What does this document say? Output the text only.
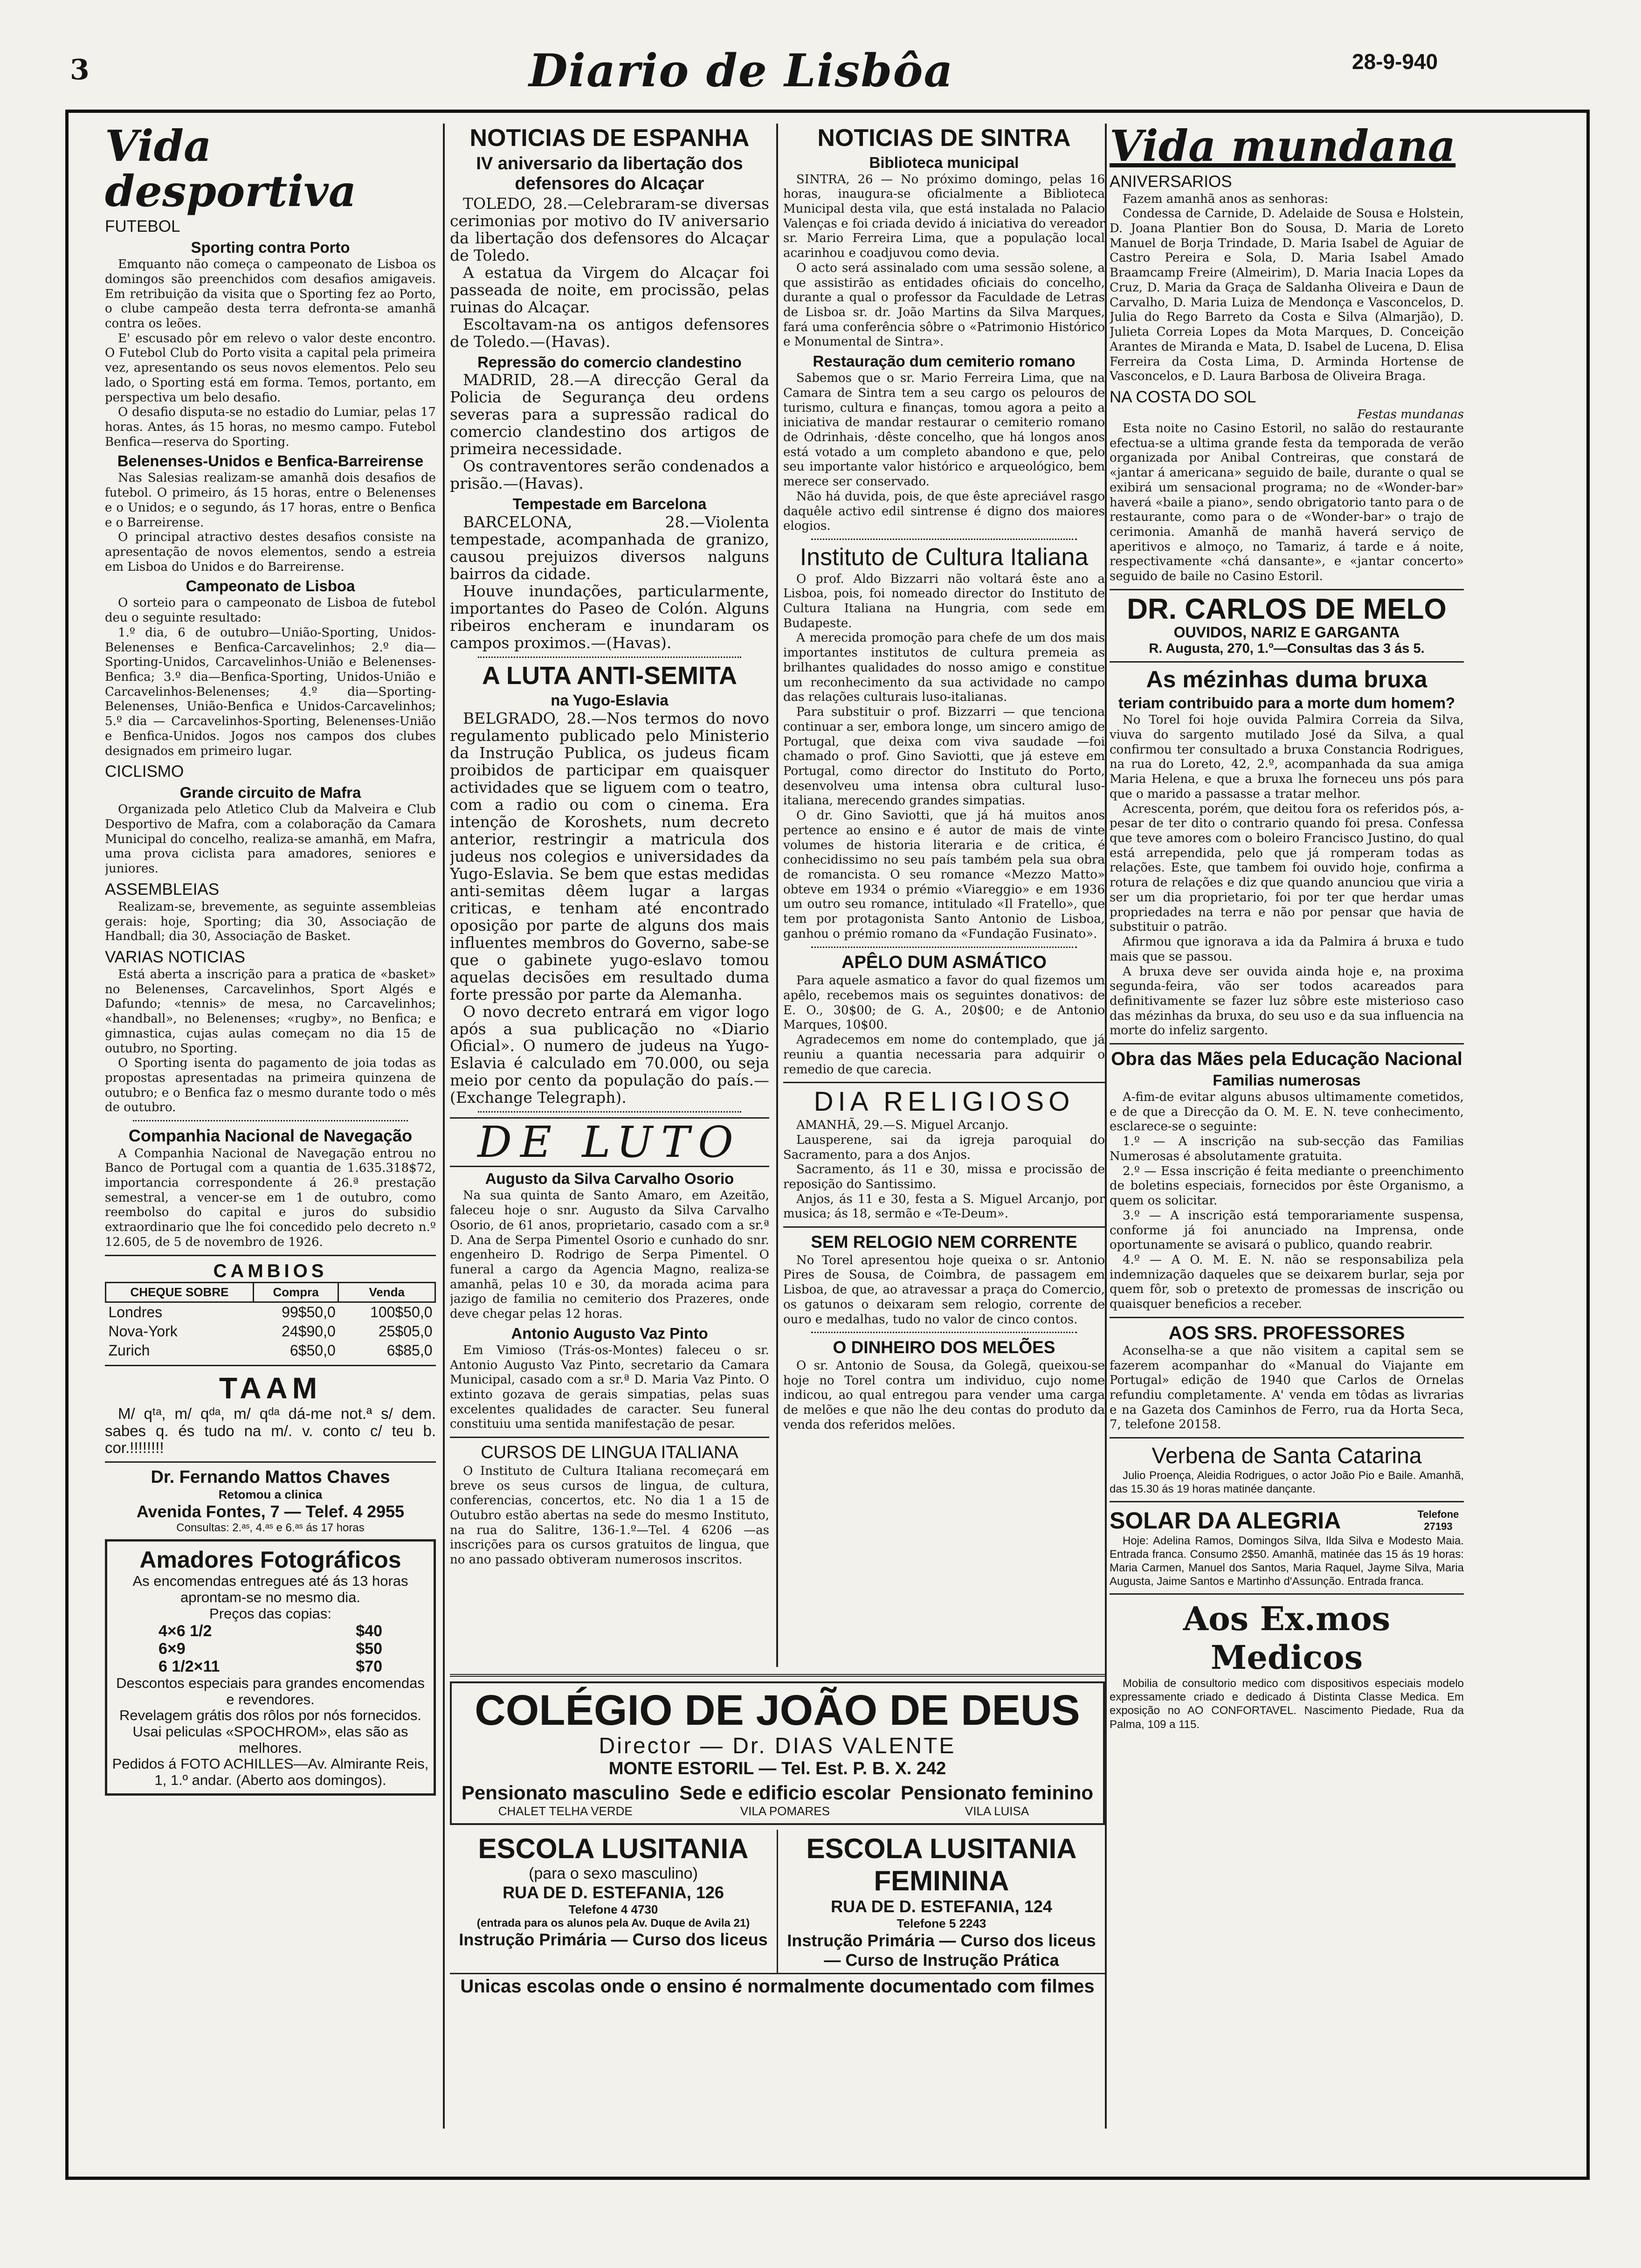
3	Diario de Lisbôa	28-9-940
Vida desportiva
FUTEBOL
Sporting contra Porto

Emquanto não começa o campeonato de Lisboa os domingos são preenchidos com desafios amigaveis. Em retribuição da visita que o Sporting fez ao Porto, o clube campeão desta terra defronta-se amanhã contra os leões.

E' escusado pôr em relevo o valor deste encontro. O Futebol Club do Porto visita a capital pela primeira vez, apresentando os seus novos elementos. Pelo seu lado, o Sporting está em forma. Temos, portanto, em perspectiva um belo desafio.

O desafio disputa-se no estadio do Lumiar, pelas 17 horas. Antes, ás 15 horas, no mesmo campo. Futebol Benfica—reserva do Sporting.

Belenenses-Unidos e Benfica-Barreirense

Nas Salesias realizam-se amanhã dois desafios de futebol. O primeiro, ás 15 horas, entre o Belenenses e o Unidos; e o segundo, ás 17 horas, entre o Benfica e o Barreirense.

O principal atractivo destes desafios consiste na apresentação de novos elementos, sendo a estreia em Lisboa do Unidos e do Barreirense.

Campeonato de Lisboa

O sorteio para o campeonato de Lisboa de futebol deu o seguinte resultado:

1.º dia, 6 de outubro—União-Sporting, Unidos-Belenenses e Benfica-Carcavelinhos; 2.º dia—Sporting-Unidos, Carcavelinhos-União e Belenenses-Benfica; 3.º dia—Benfica-Sporting, Unidos-União e Carcavelinhos-Belenenses; 4.º dia—Sporting-Belenenses, União-Benfica e Unidos-Carcavelinhos; 5.º dia — Carcavelinhos-Sporting, Belenenses-União e Benfica-Unidos. Jogos nos campos dos clubes designados em primeiro lugar.

CICLISMO
Grande circuito de Mafra

Organizada pelo Atletico Club da Malveira e Club Desportivo de Mafra, com a colaboração da Camara Municipal do concelho, realiza-se amanhã, em Mafra, uma prova ciclista para amadores, seniores e juniores.

ASSEMBLEIAS

Realizam-se, brevemente, as seguinte assembleias gerais: hoje, Sporting; dia 30, Associação de Handball; dia 30, Associação de Basket.

VARIAS NOTICIAS

Está aberta a inscrição para a pratica de «basket» no Belenenses, Carcavelinhos, Sport Algés e Dafundo; «tennis» de mesa, no Carcavelinhos; «handball», no Belenenses; «rugby», no Benfica; e gimnastica, cujas aulas começam no dia 15 de outubro, no Sporting.

O Sporting isenta do pagamento de joia todas as propostas apresentadas na primeira quinzena de outubro; e o Benfica faz o mesmo durante todo o mês de outubro.

Companhia Nacional de Navegação

A Companhia Nacional de Navegação entrou no Banco de Portugal com a quantia de 1.635.318$72, importancia correspondente á 26.ª prestação semestral, a vencer-se em 1 de outubro, como reembolso do capital e juros do subsidio extraordinario que lhe foi concedido pelo decreto n.º 12.605, de 5 de novembro de 1926.

CAMBIOS
CHEQUE SOBRE	Compra	Venda
Londres	99$50,0	100$50,0
Nova-York	24$90,0	25$05,0
Zurich	6$50,0	6$85,0
TAAM

M/ qᵗᵃ, m/ qᵈᵃ, m/ qᵈᵃ dá-me not.ª s/ dem. sabes q. és tudo na m/. v. conto c/ teu b. cor.!!!!!!!!

Dr. Fernando Mattos Chaves
Retomou a clinica
Avenida Fontes, 7 — Telef. 4 2955
Consultas: 2.ᵃˢ, 4.ᵃˢ e 6.ᵃˢ ás 17 horas
Amadores Fotográficos
As encomendas entregues até ás 13 horas aprontam-se no mesmo dia.
Preços das copias:
4×6 1/2	$40
6×9	$50
6 1/2×11	$70
Descontos especiais para grandes encomendas e revendores.
Revelagem grátis dos rôlos por nós fornecidos.
Usai peliculas «SPOCHROM», elas são as melhores.
Pedidos á FOTO ACHILLES—Av. Almirante Reis, 1, 1.º andar. (Aberto aos domingos).
NOTICIAS DE ESPANHA
IV aniversario da libertação dos defensores do Alcaçar

TOLEDO, 28.—Celebraram-se diversas cerimonias por motivo do IV aniversario da libertação dos defensores do Alcaçar de Toledo.

A estatua da Virgem do Alcaçar foi passeada de noite, em procissão, pelas ruinas do Alcaçar.

Escoltavam-na os antigos defensores de Toledo.—(Havas).

Repressão do comercio clandestino

MADRID, 28.—A direcção Geral da Policia de Segurança deu ordens severas para a supressão radical do comercio clandestino dos artigos de primeira necessidade.

Os contraventores serão condenados a prisão.—(Havas).

Tempestade em Barcelona

BARCELONA, 28.—Violenta tempestade, acompanhada de granizo, causou prejuizos diversos nalguns bairros da cidade.

Houve inundações, particularmente, importantes do Paseo de Colón. Alguns ribeiros encheram e inundaram os campos proximos.—(Havas).

A LUTA ANTI-SEMITA
na Yugo-Eslavia

BELGRADO, 28.—Nos termos do novo regulamento publicado pelo Ministerio da Instrução Publica, os judeus ficam proibidos de participar em quaisquer actividades que se liguem com o teatro, com a radio ou com o cinema. Era intenção de Koroshets, num decreto anterior, restringir a matricula dos judeus nos colegios e universidades da Yugo-Eslavia. Se bem que estas medidas anti-semitas dêem lugar a largas criticas, e tenham até encontrado oposição por parte de alguns dos mais influentes membros do Governo, sabe-se que o gabinete yugo-eslavo tomou aquelas decisões em resultado duma forte pressão por parte da Alemanha.

O novo decreto entrará em vigor logo após a sua publicação no «Diario Oficial». O numero de judeus na Yugo-Eslavia é calculado em 70.000, ou seja meio por cento da população do país.—(Exchange Telegraph).

DE LUTO
Augusto da Silva Carvalho Osorio

Na sua quinta de Santo Amaro, em Azeitão, faleceu hoje o snr. Augusto da Silva Carvalho Osorio, de 61 anos, proprietario, casado com a sr.ª D. Ana de Serpa Pimentel Osorio e cunhado do snr. engenheiro D. Rodrigo de Serpa Pimentel. O funeral a cargo da Agencia Magno, realiza-se amanhã, pelas 10 e 30, da morada acima para jazigo de familia no cemiterio dos Prazeres, onde deve chegar pelas 12 horas.

Antonio Augusto Vaz Pinto

Em Vimioso (Trás-os-Montes) faleceu o sr. Antonio Augusto Vaz Pinto, secretario da Camara Municipal, casado com a sr.ª D. Maria Vaz Pinto. O extinto gozava de gerais simpatias, pelas suas excelentes qualidades de caracter. Seu funeral constituiu uma sentida manifestação de pesar.

CURSOS DE LINGUA ITALIANA

O Instituto de Cultura Italiana recomeçará em breve os seus cursos de lingua, de cultura, conferencias, concertos, etc. No dia 1 a 15 de Outubro estão abertas na sede do mesmo Instituto, na rua do Salitre, 136-1.º—Tel. 4 6206 —as inscrições para os cursos gratuitos de lingua, que no ano passado obtiveram numerosos inscritos.

NOTICIAS DE SINTRA
Biblioteca municipal

SINTRA, 26 — No próximo domingo, pelas 16 horas, inaugura-se oficialmente a Biblioteca Municipal desta vila, que está instalada no Palacio Valenças e foi criada devido á iniciativa do vereador sr. Mario Ferreira Lima, que a população local acarinhou e coadjuvou como devia.

O acto será assinalado com uma sessão solene, a que assistirão as entidades oficiais do concelho, durante a qual o professor da Faculdade de Letras de Lisboa sr. dr. João Martins da Silva Marques, fará uma conferência sôbre o «Patrimonio Histórico e Monumental de Sintra».

Restauração dum cemiterio romano

Sabemos que o sr. Mario Ferreira Lima, que na Camara de Sintra tem a seu cargo os pelouros de turismo, cultura e finanças, tomou agora a peito a iniciativa de mandar restaurar o cemiterio romano de Odrinhais, ·dêste concelho, que há longos anos está votado a um completo abandono e que, pelo seu importante valor histórico e arqueológico, bem merece ser conservado.

Não há duvida, pois, de que êste apreciável rasgo daquêle activo edil sintrense é digno dos maiores elogios.

Instituto de Cultura Italiana

O prof. Aldo Bizzarri não voltará êste ano a Lisboa, pois, foi nomeado director do Instituto de Cultura Italiana na Hungria, com sede em Budapeste.

A merecida promoção para chefe de um dos mais importantes institutos de cultura premeia as brilhantes qualidades do nosso amigo e constitue um reconhecimento da sua actividade no campo das relações culturais luso-italianas.

Para substituir o prof. Bizzarri — que tenciona continuar a ser, embora longe, um sincero amigo de Portugal, que deixa com viva saudade —foi chamado o prof. Gino Saviotti, que já esteve em Portugal, como director do Instituto do Porto, desenvolveu uma intensa obra cultural luso-italiana, merecendo grandes simpatias.

O dr. Gino Saviotti, que já há muitos anos pertence ao ensino e é autor de mais de vinte volumes de historia literaria e de critica, é conhecidissimo no seu país também pela sua obra de romancista. O seu romance «Mezzo Matto» obteve em 1934 o prémio «Viareggio» e em 1936 um outro seu romance, intitulado «Il Fratello», que tem por protagonista Santo Antonio de Lisboa, ganhou o prémio romano da «Fundação Fusinato».

APÊLO DUM ASMÁTICO

Para aquele asmatico a favor do qual fizemos um apêlo, recebemos mais os seguintes donativos: de E. O., 30$00; de G. A., 20$00; e de Antonio Marques, 10$00.

Agradecemos em nome do contemplado, que já reuniu a quantia necessaria para adquirir o remedio de que carecia.

DIA RELIGIOSO

AMANHÃ, 29.—S. Miguel Arcanjo.

Lausperene, sai da igreja paroquial do Sacramento, para a dos Anjos.

Sacramento, ás 11 e 30, missa e procissão de reposição do Santissimo.

Anjos, ás 11 e 30, festa a S. Miguel Arcanjo, por musica; ás 18, sermão e «Te-Deum».

SEM RELOGIO NEM CORRENTE

No Torel apresentou hoje queixa o sr. Antonio Pires de Sousa, de Coimbra, de passagem em Lisboa, de que, ao atravessar a praça do Comercio, os gatunos o deixaram sem relogio, corrente de ouro e medalhas, tudo no valor de cinco contos.

O DINHEIRO DOS MELÕES

O sr. Antonio de Sousa, da Golegã, queixou-se hoje no Torel contra um individuo, cujo nome indicou, ao qual entregou para vender uma carga de melões e que não lhe deu contas do produto da venda dos referidos melões.

Vida mundana
ANIVERSARIOS

Fazem amanhã anos as senhoras:

Condessa de Carnide, D. Adelaide de Sousa e Holstein, D. Joana Plantier Bon do Sousa, D. Maria de Loreto Manuel de Borja Trindade, D. Maria Isabel de Aguiar de Castro Pereira e Sola, D. Maria Isabel Amado Braamcamp Freire (Almeirim), D. Maria Inacia Lopes da Cruz, D. Maria da Graça de Saldanha Oliveira e Daun de Carvalho, D. Maria Luiza de Mendonça e Vasconcelos, D. Julia do Rego Barreto da Costa e Silva (Almarjão), D. Julieta Correia Lopes da Mota Marques, D. Conceição Arantes de Miranda e Mata, D. Isabel de Lucena, D. Elisa Ferreira da Costa Lima, D. Arminda Hortense de Vasconcelos, e D. Laura Barbosa de Oliveira Braga.

NA COSTA DO SOL
Festas mundanas

Esta noite no Casino Estoril, no salão do restaurante efectua-se a ultima grande festa da temporada de verão organizada por Anibal Contreiras, que constará de «jantar á americana» seguido de baile, durante o qual se exibirá um sensacional programa; no de «Wonder-bar» haverá «baile a piano», sendo obrigatorio tanto para o de restaurante, como para o de «Wonder-bar» o trajo de cerimonia. Amanhã de manhã haverá serviço de aperitivos e almoço, no Tamariz, á tarde e á noite, respectivamente «chá dansante», e «jantar concerto» seguido de baile no Casino Estoril.

DR. CARLOS DE MELO
OUVIDOS, NARIZ E GARGANTA
R. Augusta, 270, 1.º—Consultas das 3 ás 5.
As mézinhas duma bruxa
teriam contribuido para a morte dum homem?

No Torel foi hoje ouvida Palmira Correia da Silva, viuva do sargento mutilado José da Silva, a qual confirmou ter consultado a bruxa Constancia Rodrigues, na rua do Loreto, 42, 2.º, acompanhada da sua amiga Maria Helena, e que a bruxa lhe forneceu uns pós para que o marido a passasse a tratar melhor.

Acrescenta, porém, que deitou fora os referidos pós, a-pesar de ter dito o contrario quando foi presa. Confessa que teve amores com o boleiro Francisco Justino, do qual está arrependida, pelo que já romperam todas as relações. Este, que tambem foi ouvido hoje, confirma a rotura de relações e diz que quando anunciou que viria a ser um dia proprietario, foi por ter que herdar umas propriedades na terra e não por pensar que havia de substituir o patrão.

Afirmou que ignorava a ida da Palmira á bruxa e tudo mais que se passou.

A bruxa deve ser ouvida ainda hoje e, na proxima segunda-feira, vão ser todos acareados para definitivamente se fazer luz sôbre este misterioso caso das mézinhas da bruxa, do seu uso e da sua influencia na morte do infeliz sargento.

Obra das Mães pela Educação Nacional
Familias numerosas

A-fim-de evitar alguns abusos ultimamente cometidos, e de que a Direcção da O. M. E. N. teve conhecimento, esclarece-se o seguinte:

1.º — A inscrição na sub-secção das Familias Numerosas é absolutamente gratuita.

2.º — Essa inscrição é feita mediante o preenchimento de boletins especiais, fornecidos por êste Organismo, a quem os solicitar.

3.º — A inscrição está temporariamente suspensa, conforme já foi anunciado na Imprensa, onde oportunamente se avisará o publico, quando reabrir.

4.º — A O. M. E. N. não se responsabiliza pela indemnização daqueles que se deixarem burlar, seja por quem fôr, sob o pretexto de promessas de inscrição ou quaisquer beneficios a receber.

AOS SRS. PROFESSORES

Aconselha-se a que não visitem a capital sem se fazerem acompanhar do «Manual do Viajante em Portugal» edição de 1940 que Carlos de Ornelas refundiu completamente. A' venda em tôdas as livrarias e na Gazeta dos Caminhos de Ferro, rua da Horta Seca, 7, telefone 20158.

Verbena de Santa Catarina

Julio Proença, Aleidia Rodrigues, o actor João Pio e Baile. Amanhã, das 15.30 ás 19 horas matinée dançante.

SOLAR DA ALEGRIA	Telefone 27193

Hoje: Adelina Ramos, Domingos Silva, Ilda Silva e Modesto Maia. Entrada franca. Consumo 2$50. Amanhã, matinée das 15 ás 19 horas: Maria Carmen, Manuel dos Santos, Maria Raquel, Jayme Silva, Maria Augusta, Jaime Santos e Martinho d'Assunção. Entrada franca.

Aos Ex.mos Medicos

Mobilia de consultorio medico com dispositivos especiais modelo expressamente criado e dedicado á Distinta Classe Medica. Em exposição no AO CONFORTAVEL. Nascimento Piedade, Rua da Palma, 109 a 115.

COLÉGIO DE JOÃO DE DEUS
Director — Dr. DIAS VALENTE
MONTE ESTORIL — Tel. Est. P. B. X. 242
Pensionato masculino
CHALET TELHA VERDE
Sede e edificio escolar
VILA POMARES
Pensionato feminino
VILA LUISA
ESCOLA LUSITANIA
(para o sexo masculino)
RUA DE D. ESTEFANIA, 126
Telefone 4 4730
(entrada para os alunos pela Av. Duque de Avila 21)
Instrução Primária — Curso dos liceus
ESCOLA LUSITANIA FEMININA
RUA DE D. ESTEFANIA, 124
Telefone 5 2243
Instrução Primária — Curso dos liceus — Curso de Instrução Prática
Unicas escolas onde o ensino é normalmente documentado com filmes
